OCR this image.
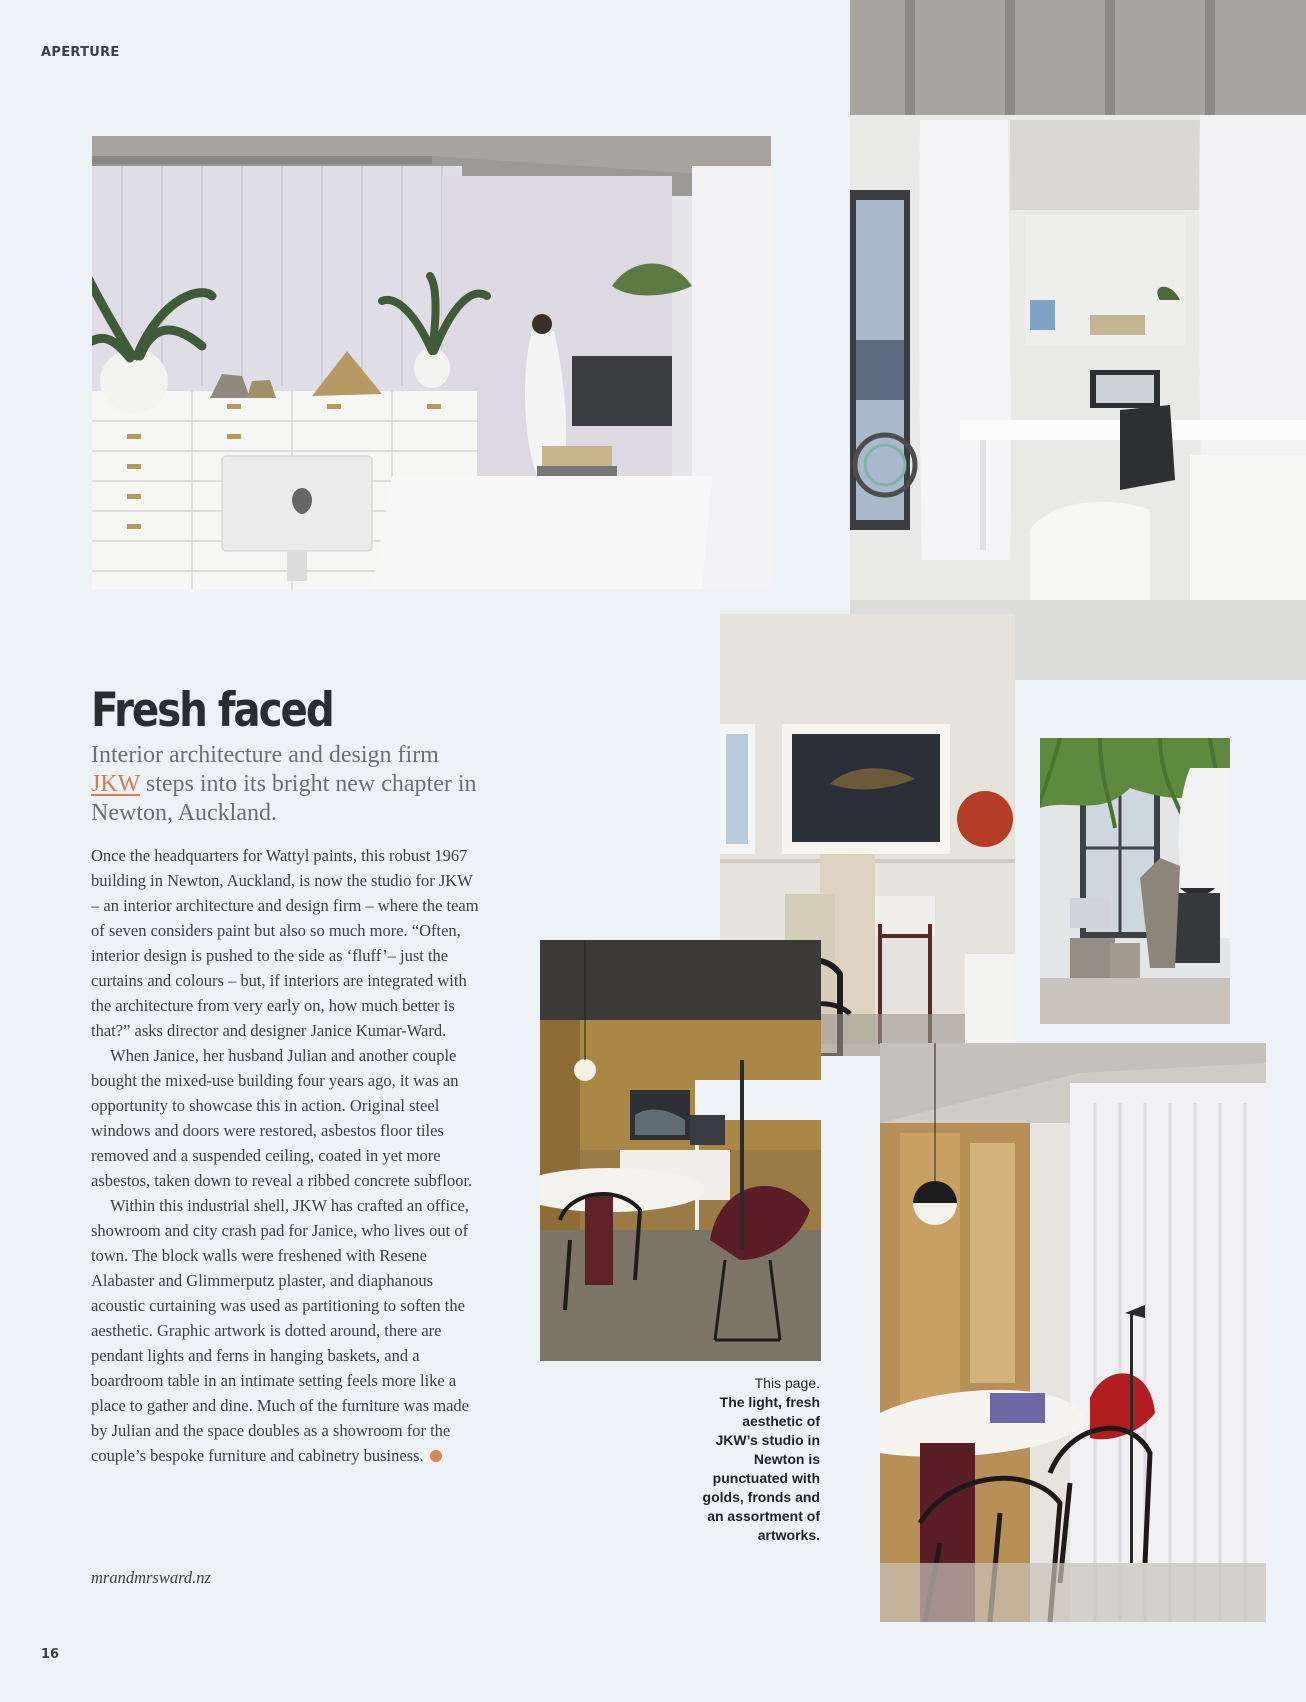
APERTURE
Fresh faced

Interior architecture and design firm JKW steps into its bright new chapter in Newton, Auckland.

Once the headquarters for Wattyl paints, this robust 1967 building in Newton, Auckland, is now the studio for JKW – an interior architecture and design firm – where the team of seven considers paint but also so much more. “Often, interior design is pushed to the side as ‘fluff’– just the curtains and colours – but, if interiors are integrated with the architecture from very early on, how much better is that?” asks director and designer Janice Kumar-Ward.

When Janice, her husband Julian and another couple bought the mixed-use building four years ago, it was an opportunity to showcase this in action. Original steel windows and doors were restored, asbestos floor tiles removed and a suspended ceiling, coated in yet more asbestos, taken down to reveal a ribbed concrete subfloor.

Within this industrial shell, JKW has crafted an office, showroom and city crash pad for Janice, who lives out of town. The block walls were freshened with Resene Alabaster and Glimmerputz plaster, and diaphanous acoustic curtaining was used as partitioning to soften the aesthetic. Graphic artwork is dotted around, there are pendant lights and ferns in hanging baskets, and a boardroom table in an intimate setting feels more like a place to gather and dine. Much of the furniture was made by Julian and the space doubles as a showroom for the couple’s bespoke furniture and cabinetry business.

mrandmrsward.nz
This page.
The light, fresh aesthetic of JKW’s studio in Newton is punctuated with golds, fronds and an assortment of artworks.
16
